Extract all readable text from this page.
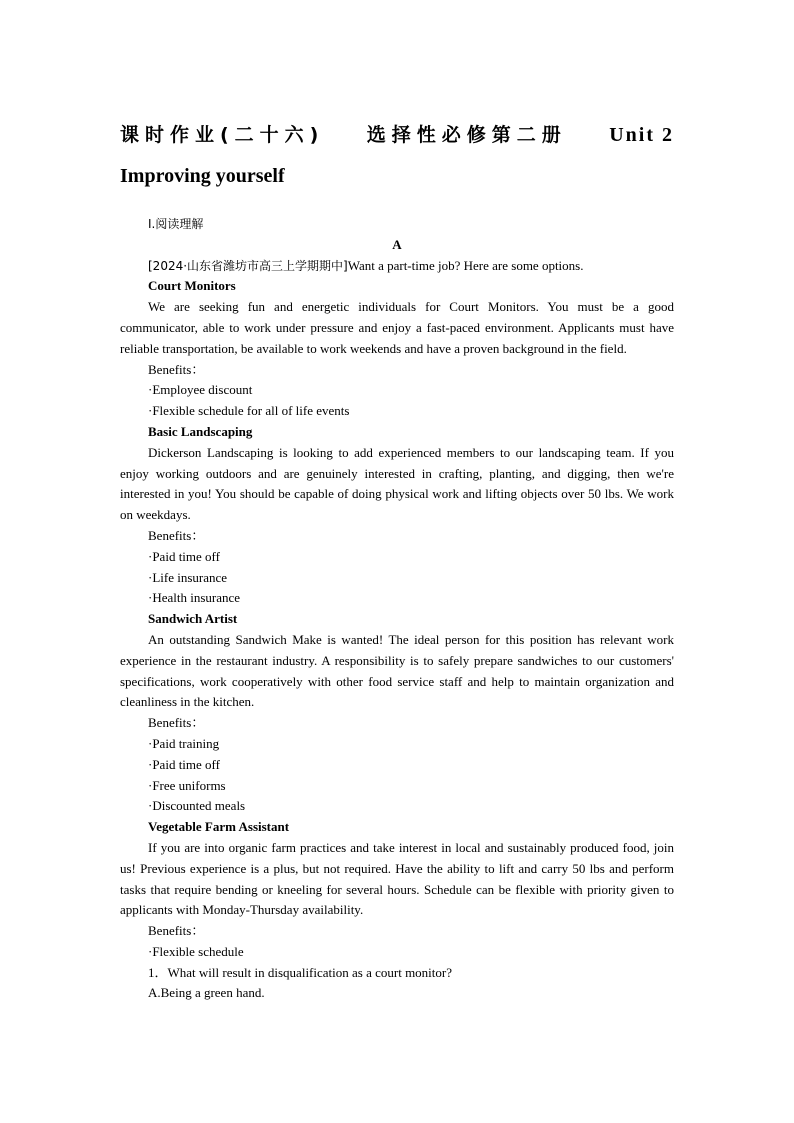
课时作业(二十六) 选择性必修第二册 Unit 2
Improving yourself

Ⅰ.阅读理解

A

[2024·山东省潍坊市高三上学期期中]Want a part-time job? Here are some options.

Court Monitors

We are seeking fun and energetic individuals for Court Monitors. You must be a good communicator, able to work under pressure and enjoy a fast-paced environment. Applicants must have reliable transportation, be available to work weekends and have a proven background in the field.

Benefits：

·Employee discount

·Flexible schedule for all of life events

Basic Landscaping

Dickerson Landscaping is looking to add experienced members to our landscaping team. If you enjoy working outdoors and are genuinely interested in crafting, planting, and digging, then we're interested in you! You should be capable of doing physical work and lifting objects over 50 lbs. We work on weekdays.

Benefits：

·Paid time off

·Life insurance

·Health insurance

Sandwich Artist

An outstanding Sandwich Make is wanted! The ideal person for this position has relevant work experience in the restaurant industry. A responsibility is to safely prepare sandwiches to our customers' specifications, work cooperatively with other food service staff and help to maintain organization and cleanliness in the kitchen.

Benefits：

·Paid training

·Paid time off

·Free uniforms

·Discounted meals

Vegetable Farm Assistant

If you are into organic farm practices and take interest in local and sustainably produced food, join us! Previous experience is a plus, but not required. Have the ability to lift and carry 50 lbs and perform tasks that require bending or kneeling for several hours. Schedule can be flexible with priority given to applicants with Monday-Thursday availability.

Benefits：

·Flexible schedule

1．What will result in disqualification as a court monitor?

A.Being a green hand.
